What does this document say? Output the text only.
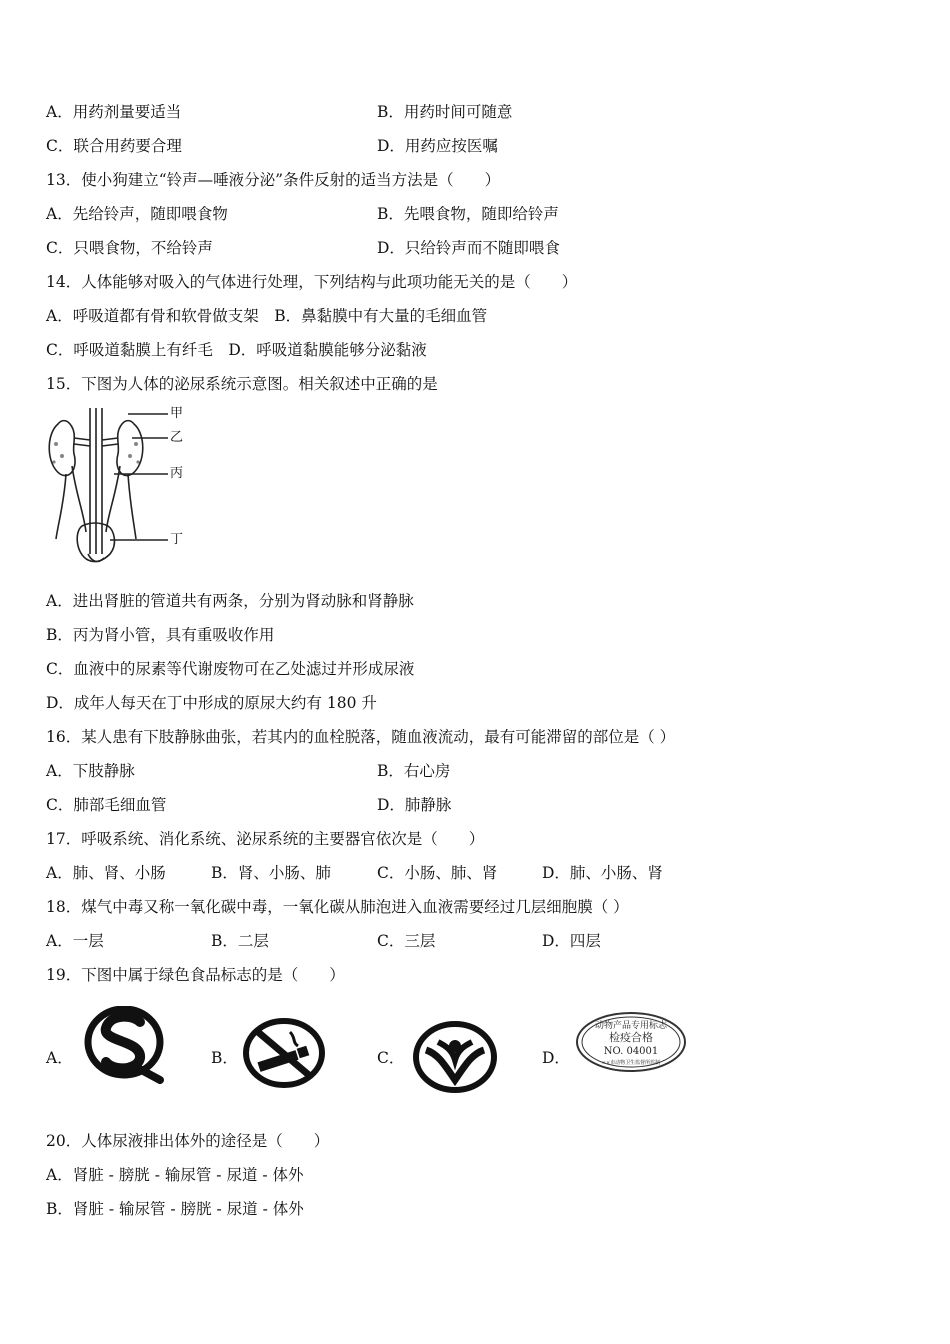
A．用药剂量要适当	B．用药时间可随意
C．联合用药要合理	D．用药应按医嘱
13．使小狗建立“铃声—唾液分泌”条件反射的适当方法是（　　）
A．先给铃声，随即喂食物	B．先喂食物，随即给铃声
C．只喂食物，不给铃声	D．只给铃声而不随即喂食
14．人体能够对吸入的气体进行处理，下列结构与此项功能无关的是（　　）
A．呼吸道都有骨和软骨做支架　B．鼻黏膜中有大量的毛细血管
C．呼吸道黏膜上有纤毛　D．呼吸道黏膜能够分泌黏液
15．下图为人体的泌尿系统示意图。相关叙述中正确的是
甲
乙
丙
丁
A．进出肾脏的管道共有两条，分别为肾动脉和肾静脉
B．丙为肾小管，具有重吸收作用
C．血液中的尿素等代谢废物可在乙处滤过并形成尿液
D．成年人每天在丁中形成的原尿大约有 180 升
16．某人患有下肢静脉曲张，若其内的血栓脱落，随血液流动，最有可能滞留的部位是（ ）
A．下肢静脉	B．右心房
C．肺部毛细血管	D．肺静脉
17．呼吸系统、消化系统、泌尿系统的主要器官依次是（　　）
A．肺、肾、小肠	B．肾、小肠、肺	C．小肠、肺、肾	D．肺、小肠、肾
18．煤气中毒又称一氧化碳中毒，一氧化碳从肺泡进入血液需要经过几层细胞膜（ ）
A．一层	B．二层	C．三层	D．四层
19．下图中属于绿色食品标志的是（　　）
A．	B．	C．	D．
动物产品专用标志
检疫合格
NO. 04001
××市动物卫生监督所监制
20．人体尿液排出体外的途径是（　　）
A．肾脏 - 膀胱 - 输尿管 - 尿道 - 体外
B．肾脏 - 输尿管 - 膀胱 - 尿道 - 体外
